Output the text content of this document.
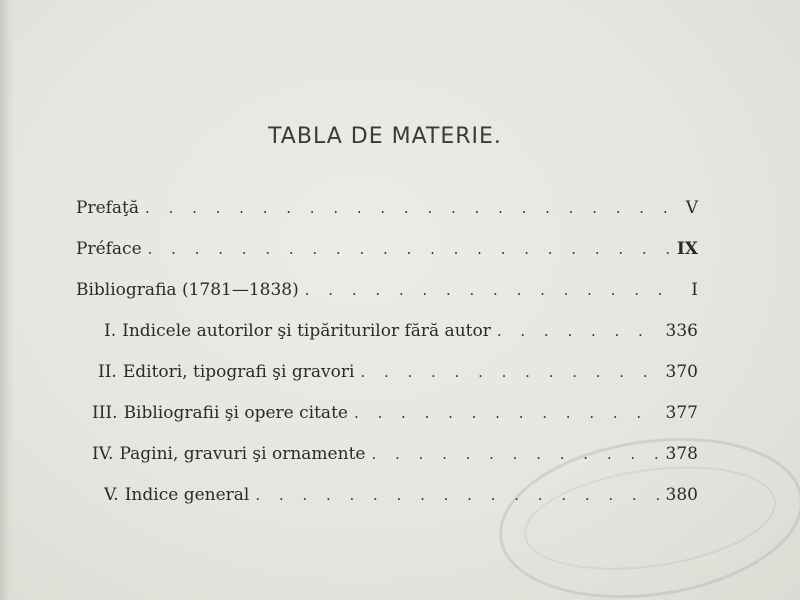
TABLA DE MATERIE.
Prefaţă . . .	V
Préface . . .	IX
Bibliografia (1781—1838) . . .	I
I. Indicele autorilor şi tipăriturilor fără autor . . .	336
II. Editori, tipografi şi gravori . . .	370
III. Bibliografii şi opere citate . . .	377
IV. Pagini, gravuri şi ornamente . . .	378
V. Indice general . . .	380
